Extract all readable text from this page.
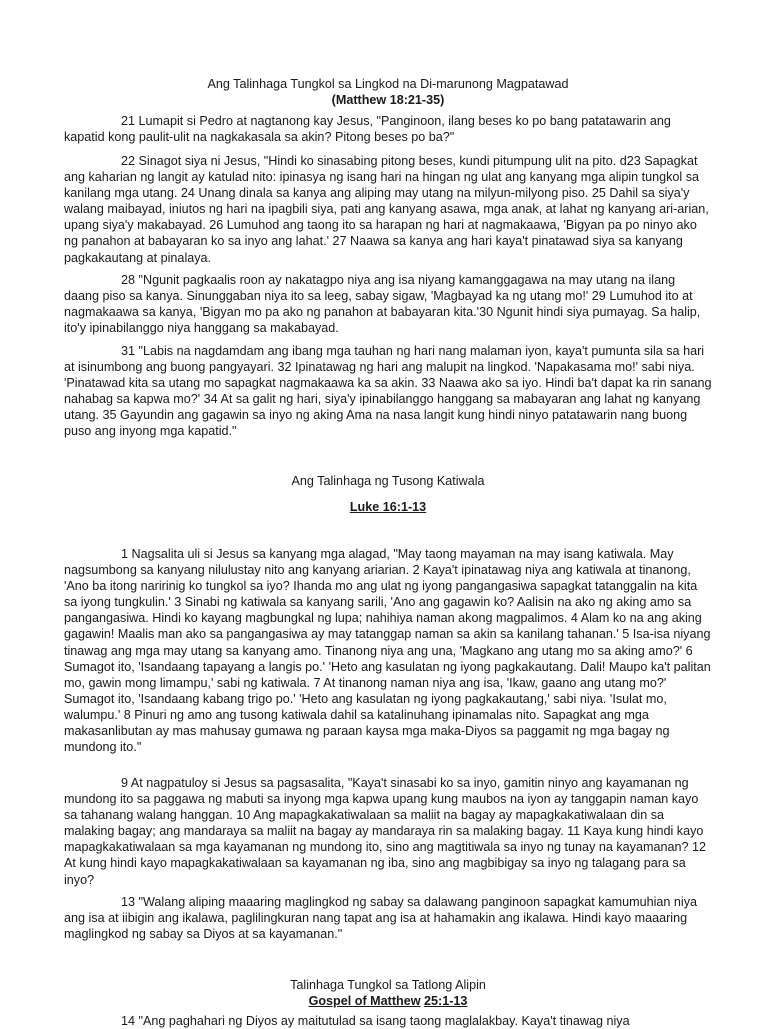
Ang Talinhaga Tungkol sa Lingkod na Di-marunong Magpatawad
(Matthew 18:21-35)

21 Lumapit si Pedro at nagtanong kay Jesus, "Panginoon, ilang beses ko po bang patatawarin ang kapatid kong paulit-ulit na nagkakasala sa akin? Pitong beses po ba?"

22 Sinagot siya ni Jesus, "Hindi ko sinasabing pitong beses, kundi pitumpung ulit na pito. d23 Sapagkat ang kaharian ng langit ay katulad nito: ipinasya ng isang hari na hingan ng ulat ang kanyang mga alipin tungkol sa kanilang mga utang. 24 Unang dinala sa kanya ang aliping may utang na milyun-milyong piso. 25 Dahil sa siya'y walang maibayad, iniutos ng hari na ipagbili siya, pati ang kanyang asawa, mga anak, at lahat ng kanyang ari-arian, upang siya'y makabayad. 26 Lumuhod ang taong ito sa harapan ng hari at nagmakaawa, 'Bigyan pa po ninyo ako ng panahon at babayaran ko sa inyo ang lahat.' 27 Naawa sa kanya ang hari kaya't pinatawad siya sa kanyang pagkakautang at pinalaya.

28 "Ngunit pagkaalis roon ay nakatagpo niya ang isa niyang kamanggagawa na may utang na ilang daang piso sa kanya. Sinunggaban niya ito sa leeg, sabay sigaw, 'Magbayad ka ng utang mo!' 29 Lumuhod ito at nagmakaawa sa kanya, 'Bigyan mo pa ako ng panahon at babayaran kita.'30 Ngunit hindi siya pumayag. Sa halip, ito'y ipinabilanggo niya hanggang sa makabayad.

31 "Labis na nagdamdam ang ibang mga tauhan ng hari nang malaman iyon, kaya't pumunta sila sa hari at isinumbong ang buong pangyayari. 32 Ipinatawag ng hari ang malupit na lingkod. 'Napakasama mo!' sabi niya. 'Pinatawad kita sa utang mo sapagkat nagmakaawa ka sa akin. 33 Naawa ako sa iyo. Hindi ba't dapat ka rin sanang nahabag sa kapwa mo?' 34 At sa galit ng hari, siya'y ipinabilanggo hanggang sa mabayaran ang lahat ng kanyang utang. 35 Gayundin ang gagawin sa inyo ng aking Ama na nasa langit kung hindi ninyo patatawarin nang buong puso ang inyong mga kapatid."

Ang Talinhaga ng Tusong Katiwala
Luke 16:1-13

1 Nagsalita uli si Jesus sa kanyang mga alagad, "May taong mayaman na may isang katiwala. May nagsumbong sa kanyang nilulustay nito ang kanyang ariarian. 2 Kaya't ipinatawag niya ang katiwala at tinanong, 'Ano ba itong naririnig ko tungkol sa iyo? Ihanda mo ang ulat ng iyong pangangasiwa sapagkat tatanggalin na kita sa iyong tungkulin.' 3 Sinabi ng katiwala sa kanyang sarili, 'Ano ang gagawin ko? Aalisin na ako ng aking amo sa pangangasiwa. Hindi ko kayang magbungkal ng lupa; nahihiya naman akong magpalimos. 4 Alam ko na ang aking gagawin! Maalis man ako sa pangangasiwa ay may tatanggap naman sa akin sa kanilang tahanan.' 5 Isa-isa niyang tinawag ang mga may utang sa kanyang amo. Tinanong niya ang una, 'Magkano ang utang mo sa aking amo?' 6 Sumagot ito, 'Isandaang tapayang a langis po.' 'Heto ang kasulatan ng iyong pagkakautang. Dali! Maupo ka't palitan mo, gawin mong limampu,' sabi ng katiwala. 7 At tinanong naman niya ang isa, 'Ikaw, gaano ang utang mo?' Sumagot ito, 'Isandaang kabang trigo po.' 'Heto ang kasulatan ng iyong pagkakautang,' sabi niya. 'Isulat mo, walumpu.' 8 Pinuri ng amo ang tusong katiwala dahil sa katalinuhang ipinamalas nito. Sapagkat ang mga makasanlibutan ay mas mahusay gumawa ng paraan kaysa mga maka-Diyos sa paggamit ng mga bagay ng mundong ito."

9 At nagpatuloy si Jesus sa pagsasalita, "Kaya't sinasabi ko sa inyo, gamitin ninyo ang kayamanan ng mundong ito sa paggawa ng mabuti sa inyong mga kapwa upang kung maubos na iyon ay tanggapin naman kayo sa tahanang walang hanggan. 10 Ang mapagkakatiwalaan sa maliit na bagay ay mapagkakatiwalaan din sa malaking bagay; ang mandaraya sa maliit na bagay ay mandaraya rin sa malaking bagay. 11 Kaya kung hindi kayo mapagkakatiwalaan sa mga kayamanan ng mundong ito, sino ang magtitiwala sa inyo ng tunay na kayamanan? 12 At kung hindi kayo mapagkakatiwalaan sa kayamanan ng iba, sino ang magbibigay sa inyo ng talagang para sa inyo?

13 "Walang aliping maaaring maglingkod ng sabay sa dalawang panginoon sapagkat kamumuhian niya ang isa at iibigin ang ikalawa, paglilingkuran nang tapat ang isa at hahamakin ang ikalawa. Hindi kayo maaaring maglingkod ng sabay sa Diyos at sa kayamanan."

Talinhaga Tungkol sa Tatlong Alipin
Gospel of Matthew 25:1-13

14 "Ang paghahari ng Diyos ay maitutulad sa isang taong maglalakbay. Kaya't tinawag niya
